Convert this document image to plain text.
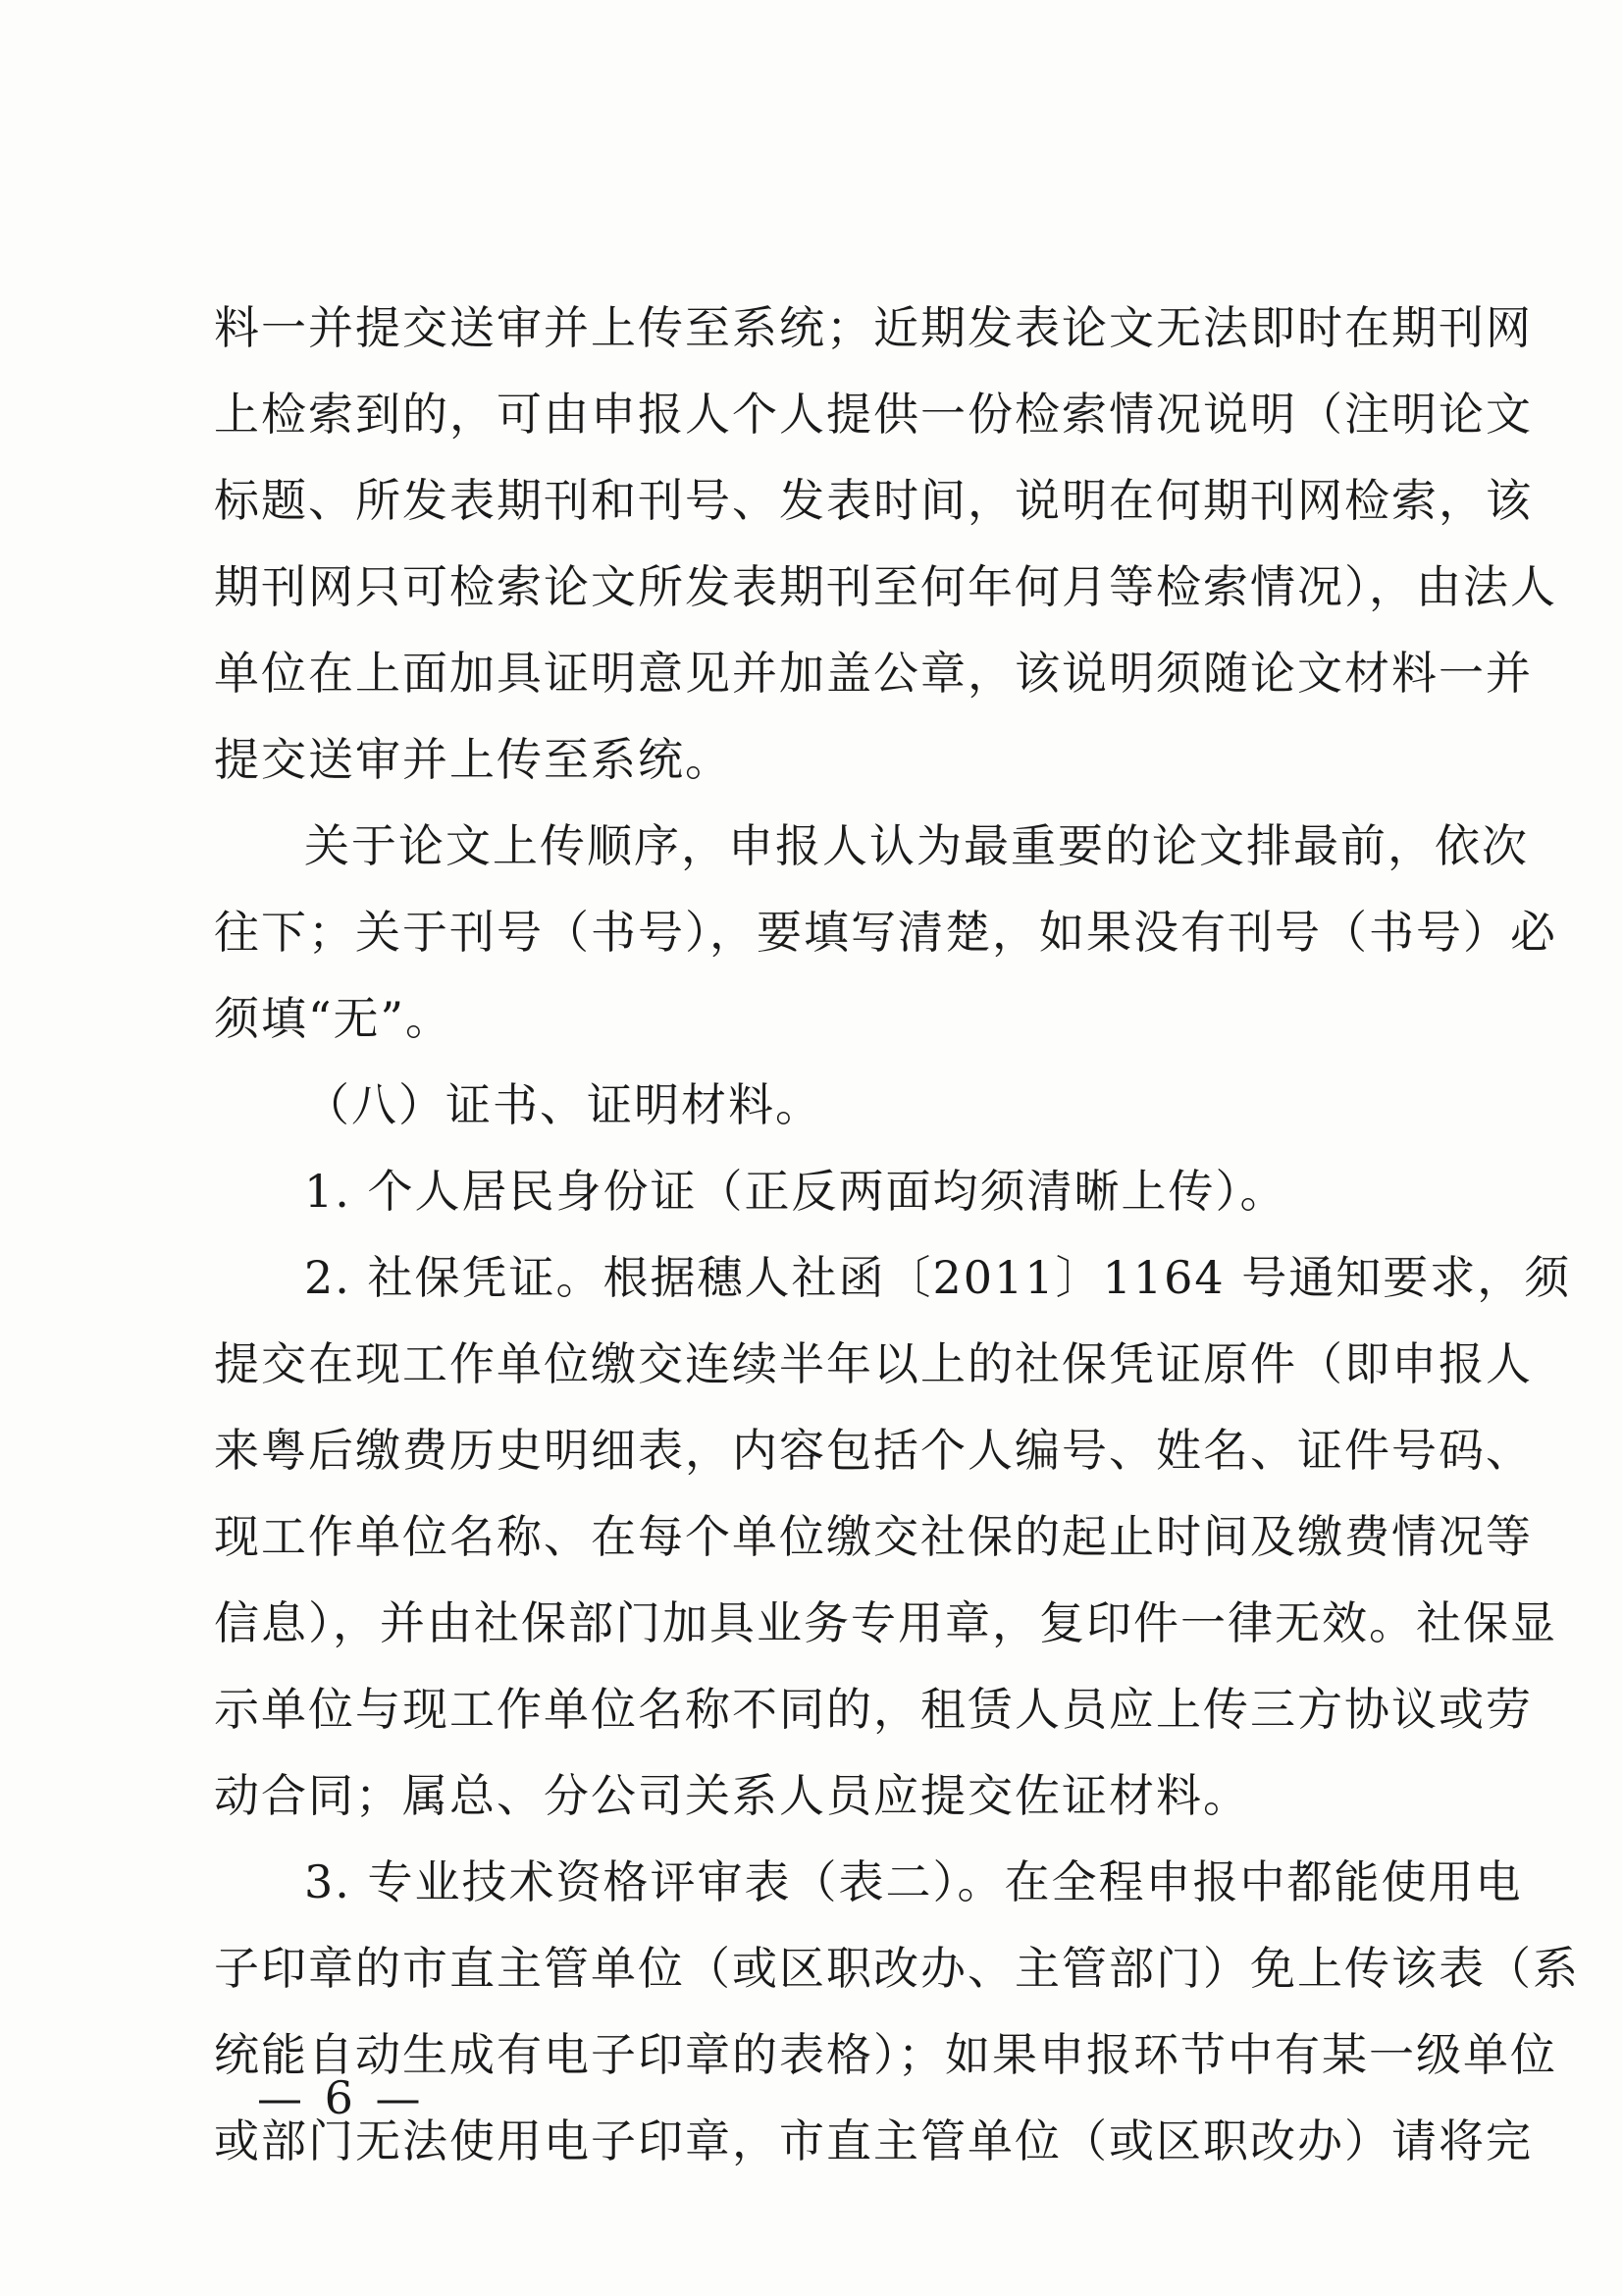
料一并提交送审并上传至系统；近期发表论文无法即时在期刊网
上检索到的，可由申报人个人提供一份检索情况说明（注明论文
标题、所发表期刊和刊号、发表时间，说明在何期刊网检索，该
期刊网只可检索论文所发表期刊至何年何月等检索情况），由法人
单位在上面加具证明意见并加盖公章，该说明须随论文材料一并
提交送审并上传至系统。
关于论文上传顺序，申报人认为最重要的论文排最前，依次
往下；关于刊号（书号），要填写清楚，如果没有刊号（书号）必
须填“无”。
（八）证书、证明材料。
1. 个人居民身份证（正反两面均须清晰上传）。
2. 社保凭证。根据穗人社函〔2011〕1164 号通知要求，须
提交在现工作单位缴交连续半年以上的社保凭证原件（即申报人
来粤后缴费历史明细表，内容包括个人编号、姓名、证件号码、
现工作单位名称、在每个单位缴交社保的起止时间及缴费情况等
信息），并由社保部门加具业务专用章，复印件一律无效。社保显
示单位与现工作单位名称不同的，租赁人员应上传三方协议或劳
动合同；属总、分公司关系人员应提交佐证材料。
3. 专业技术资格评审表（表二）。在全程申报中都能使用电
子印章的市直主管单位（或区职改办、主管部门）免上传该表（系
统能自动生成有电子印章的表格）；如果申报环节中有某一级单位
或部门无法使用电子印章，市直主管单位（或区职改办）请将完
— 6 —
